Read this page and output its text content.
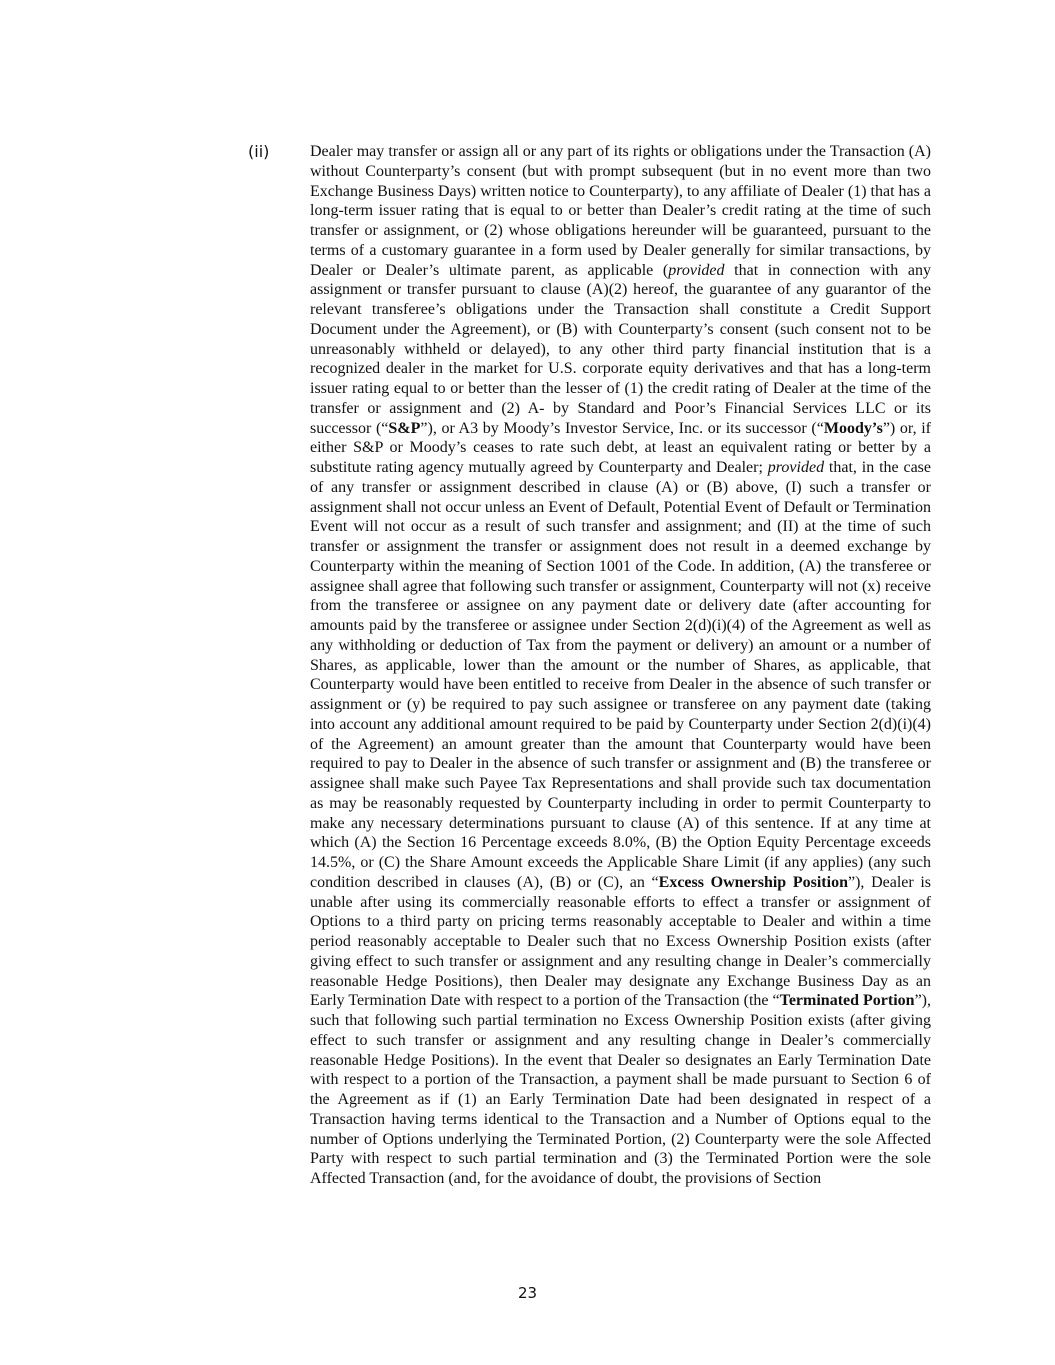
(ii)	Dealer may transfer or assign all or any part of its rights or obligations under the Transaction (A) without Counterparty’s consent (but with prompt subsequent (but in no event more than two Exchange Business Days) written notice to Counterparty), to any affiliate of Dealer (1) that has a long-term issuer rating that is equal to or better than Dealer’s credit rating at the time of such transfer or assignment, or (2) whose obligations hereunder will be guaranteed, pursuant to the terms of a customary guarantee in a form used by Dealer generally for similar transactions, by Dealer or Dealer’s ultimate parent, as applicable (provided that in connection with any assignment or transfer pursuant to clause (A)(2) hereof, the guarantee of any guarantor of the relevant transferee’s obligations under the Transaction shall constitute a Credit Support Document under the Agreement), or (B) with Counterparty’s consent (such consent not to be unreasonably withheld or delayed), to any other third party financial institution that is a recognized dealer in the market for U.S. corporate equity derivatives and that has a long-term issuer rating equal to or better than the lesser of (1) the credit rating of Dealer at the time of the transfer or assignment and (2) A- by Standard and Poor’s Financial Services LLC or its successor (“S&P”), or A3 by Moody’s Investor Service, Inc. or its successor (“Moody’s”) or, if either S&P or Moody’s ceases to rate such debt, at least an equivalent rating or better by a substitute rating agency mutually agreed by Counterparty and Dealer; provided that, in the case of any transfer or assignment described in clause (A) or (B) above, (I) such a transfer or assignment shall not occur unless an Event of Default, Potential Event of Default or Termination Event will not occur as a result of such transfer and assignment; and (II) at the time of such transfer or assignment the transfer or assignment does not result in a deemed exchange by Counterparty within the meaning of Section 1001 of the Code. In addition, (A) the transferee or assignee shall agree that following such transfer or assignment, Counterparty will not (x) receive from the transferee or assignee on any payment date or delivery date (after accounting for amounts paid by the transferee or assignee under Section 2(d)(i)(4) of the Agreement as well as any withholding or deduction of Tax from the payment or delivery) an amount or a number of Shares, as applicable, lower than the amount or the number of Shares, as applicable, that Counterparty would have been entitled to receive from Dealer in the absence of such transfer or assignment or (y) be required to pay such assignee or transferee on any payment date (taking into account any additional amount required to be paid by Counterparty under Section 2(d)(i)(4) of the Agreement) an amount greater than the amount that Counterparty would have been required to pay to Dealer in the absence of such transfer or assignment and (B) the transferee or assignee shall make such Payee Tax Representations and shall provide such tax documentation as may be reasonably requested by Counterparty including in order to permit Counterparty to make any necessary determinations pursuant to clause (A) of this sentence. If at any time at which (A) the Section 16 Percentage exceeds 8.0%, (B) the Option Equity Percentage exceeds 14.5%, or (C) the Share Amount exceeds the Applicable Share Limit (if any applies) (any such condition described in clauses (A), (B) or (C), an “Excess Ownership Position”), Dealer is unable after using its commercially reasonable efforts to effect a transfer or assignment of Options to a third party on pricing terms reasonably acceptable to Dealer and within a time period reasonably acceptable to Dealer such that no Excess Ownership Position exists (after giving effect to such transfer or assignment and any resulting change in Dealer’s commercially reasonable Hedge Positions), then Dealer may designate any Exchange Business Day as an Early Termination Date with respect to a portion of the Transaction (the “Terminated Portion”), such that following such partial termination no Excess Ownership Position exists (after giving effect to such transfer or assignment and any resulting change in Dealer’s commercially reasonable Hedge Positions). In the event that Dealer so designates an Early Termination Date with respect to a portion of the Transaction, a payment shall be made pursuant to Section 6 of the Agreement as if (1) an Early Termination Date had been designated in respect of a Transaction having terms identical to the Transaction and a Number of Options equal to the number of Options underlying the Terminated Portion, (2) Counterparty were the sole Affected Party with respect to such partial termination and (3) the Terminated Portion were the sole Affected Transaction (and, for the avoidance of doubt, the provisions of Section

23
